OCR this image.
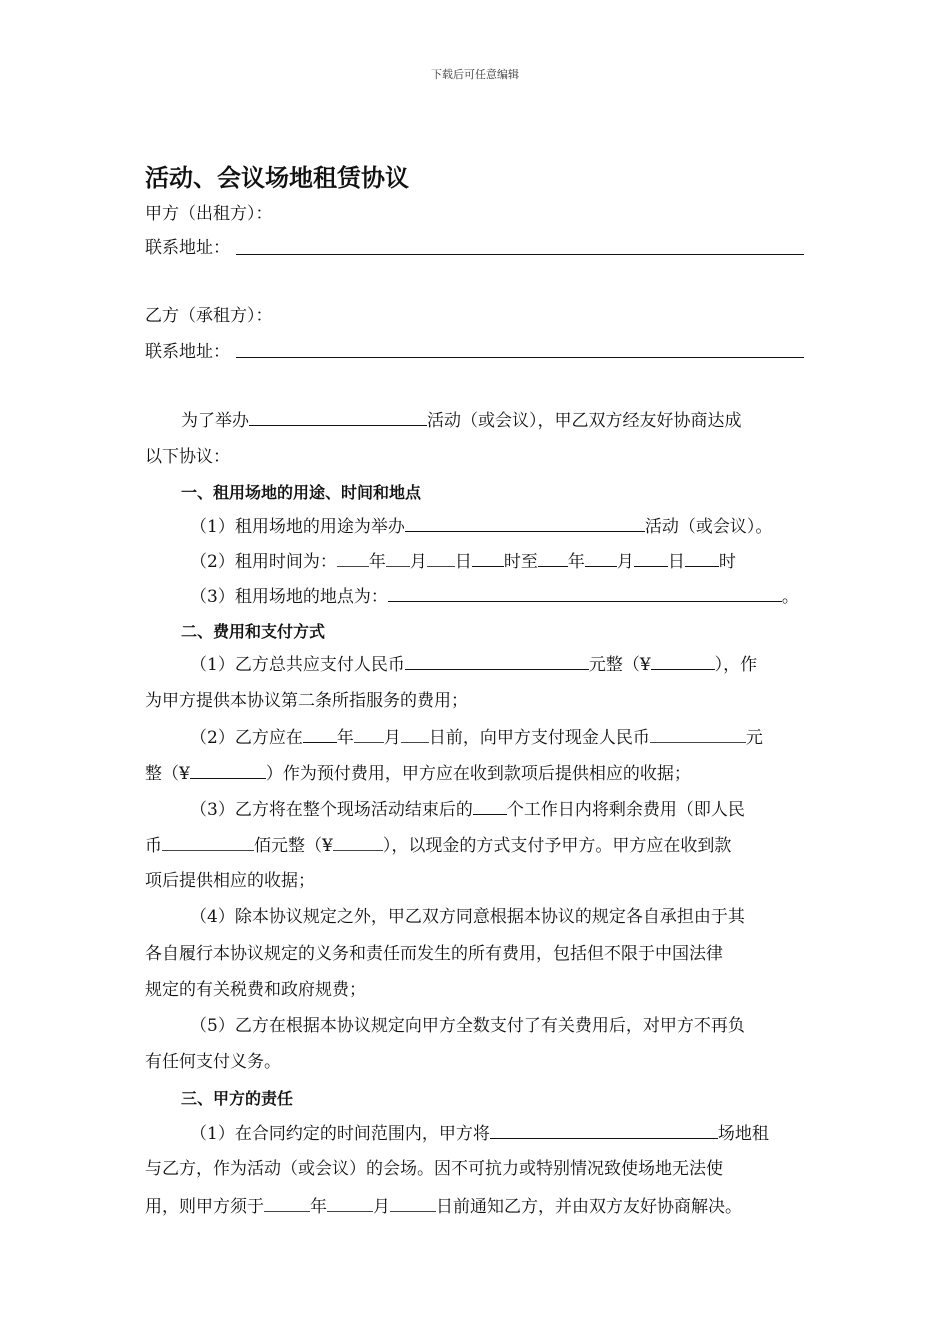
下载后可任意编辑
活动、会议场地租赁协议
甲方（出租方）：
联系地址：
乙方（承租方）：
联系地址：
为了举办	活动（或会议），甲乙双方经友好协商达成
以下协议：
一、租用场地的用途、时间和地点
（1）租用场地的用途为举办	活动（或会议）。
（2）租用时间为： 年 月 日 时至 年 月 日 时
（3）租用场地的地点为：	。
二、费用和支付方式
（1）乙方总共应支付人民币	元整（¥	），作
为甲方提供本协议第二条所指服务的费用；
（2）乙方应在 年 月 日前，向甲方支付现金人民币	元
整（¥	）作为预付费用，甲方应在收到款项后提供相应的收据；
（3）乙方将在整个现场活动结束后的 个工作日内将剩余费用（即人民
币	佰元整（¥	），以现金的方式支付予甲方。甲方应在收到款
项后提供相应的收据；
（4）除本协议规定之外，甲乙双方同意根据本协议的规定各自承担由于其
各自履行本协议规定的义务和责任而发生的所有费用，包括但不限于中国法律
规定的有关税费和政府规费；
（5）乙方在根据本协议规定向甲方全数支付了有关费用后，对甲方不再负
有任何支付义务。
三、甲方的责任
（1）在合同约定的时间范围内，甲方将	场地租
与乙方，作为活动（或会议）的会场。因不可抗力或特别情况致使场地无法使
用，则甲方须于	年	月	日前通知乙方，并由双方友好协商解决。
